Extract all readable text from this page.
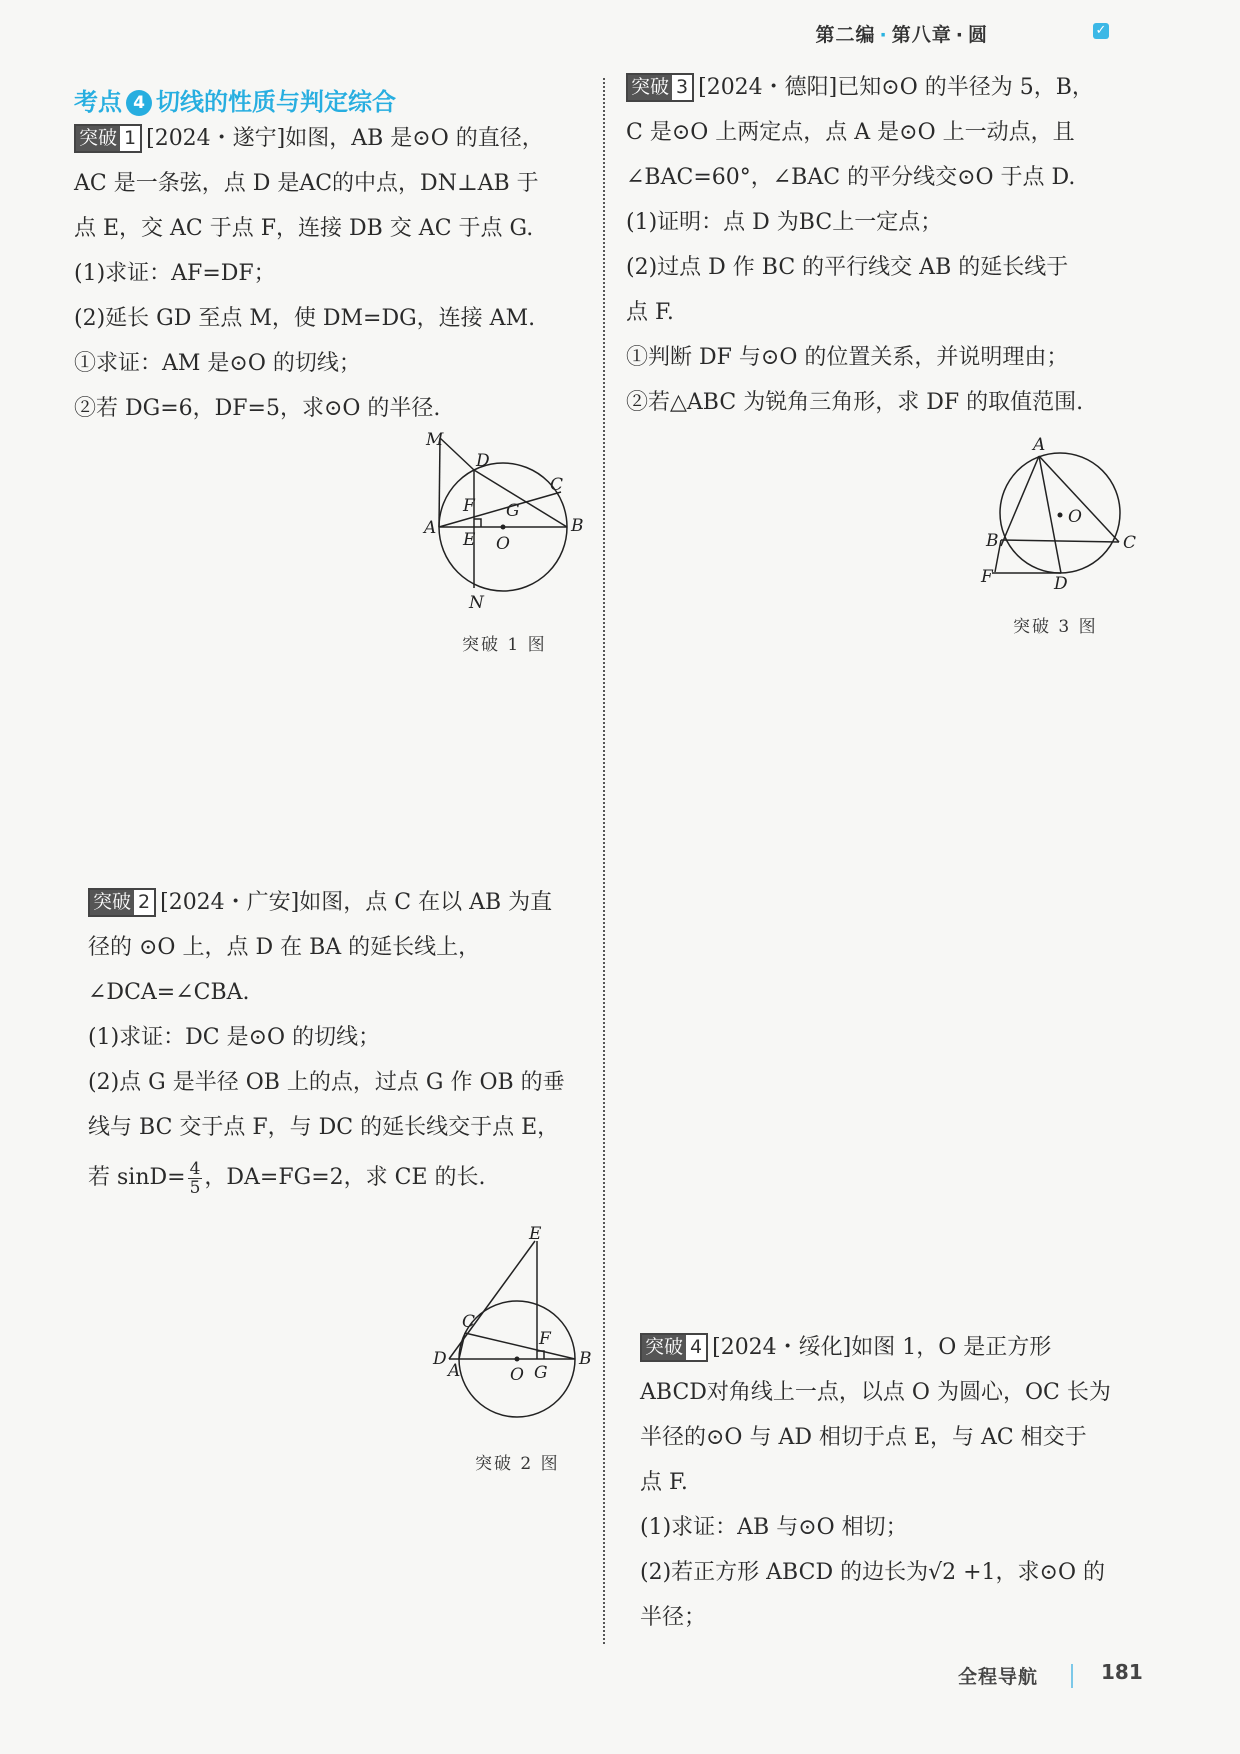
第二编 · 第八章 · 圆	✓
考点 4 切线的性质与判定综合

突破 1 [2024・遂宁]如图，AB 是⊙O 的直径，

AC 是一条弦，点 D 是AC的中点，DN⊥AB 于

点 E，交 AC 于点 F，连接 DB 交 AC 于点 G.

(1)求证：AF=DF；

(2)延长 GD 至点 M，使 DM=DG，连接 AM.

①求证：AM 是⊙O 的切线；

②若 DG=6，DF=5，求⊙O 的半径.

M
D
C
F G
A
E O
B
N
突破 1 图

突破 2 [2024・广安]如图，点 C 在以 AB 为直

径的 ⊙O 上，点 D 在 BA 的延长线上，

∠DCA=∠CBA.

(1)求证：DC 是⊙O 的切线；

(2)点 G 是半径 OB 上的点，过点 G 作 OB 的垂

线与 BC 交于点 F，与 DC 的延长线交于点 E，

若 $\sin D= \frac{4}{5}$ ，DA=FG=2，求 CE 的长.

E
C
F
D
A	O G
B
突破 2 图

突破 3 [2024・德阳]已知⊙O 的半径为 5，B，

C 是⊙O 上两定点，点 A 是⊙O 上一动点，且

∠BAC=60°，∠BAC 的平分线交⊙O 于点 D.

(1)证明：点 D 为BC上一定点；

(2)过点 D 作 BC 的平行线交 AB 的延长线于

点 F.

①判断 DF 与⊙O 的位置关系，并说明理由；

②若△ABC 为锐角三角形，求 DF 的取值范围.

A
O
B	C
F	D
突破 3 图

突破 4 [2024・绥化]如图 1，O 是正方形

ABCD对角线上一点，以点 O 为圆心，OC 长为

半径的⊙O 与 AD 相切于点 E，与 AC 相交于

点 F.

(1)求证：AB 与⊙O 相切；

(2)若正方形 ABCD 的边长为√2 +1，求⊙O 的

半径；

全程导航	181
